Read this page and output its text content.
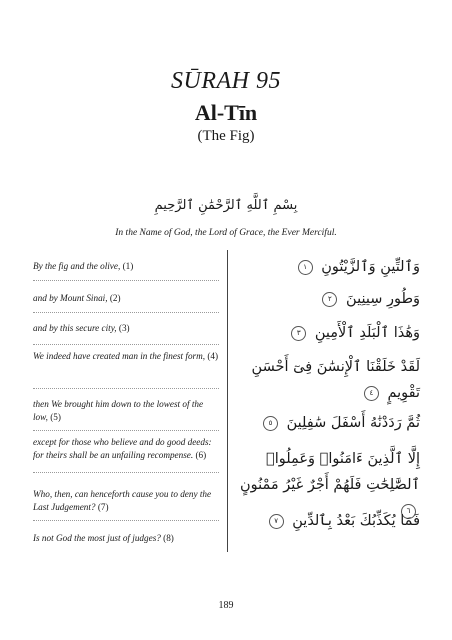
SŪRAH 95
Al-Tīn
(The Fig)
بِسْمِ ٱللَّهِ ٱلرَّحْمَٰنِ ٱلرَّحِيمِ
In the Name of God, the Lord of Grace, the Ever Merciful.
By the fig and the olive, (1)
and by Mount Sinai, (2)
and by this secure city, (3)
We indeed have created man in the finest form, (4)
then We brought him down to the lowest of the low, (5)
except for those who believe and do good deeds: for theirs shall be an unfailing recompense. (6)
Who, then, can henceforth cause you to deny the Last Judgement? (7)
Is not God the most just of judges? (8)
وَٱلتِّينِ وَٱلزَّيْتُونِ ١
وَطُورِ سِينِينَ ٢
وَهَٰذَا ٱلْبَلَدِ ٱلْأَمِينِ ٣
لَقَدْ خَلَقْنَا ٱلْإِنسَٰنَ فِىٓ أَحْسَنِ تَقْوِيمٍ ٤
ثُمَّ رَدَدْنَٰهُ أَسْفَلَ سَٰفِلِينَ ٥
إِلَّا ٱلَّذِينَ ءَامَنُوا۟ وَعَمِلُوا۟ ٱلصَّٰلِحَٰتِ فَلَهُمْ أَجْرٌ غَيْرُ مَمْنُونٍ ٦
فَمَا يُكَذِّبُكَ بَعْدُ بِٱلدِّينِ ٧
189
